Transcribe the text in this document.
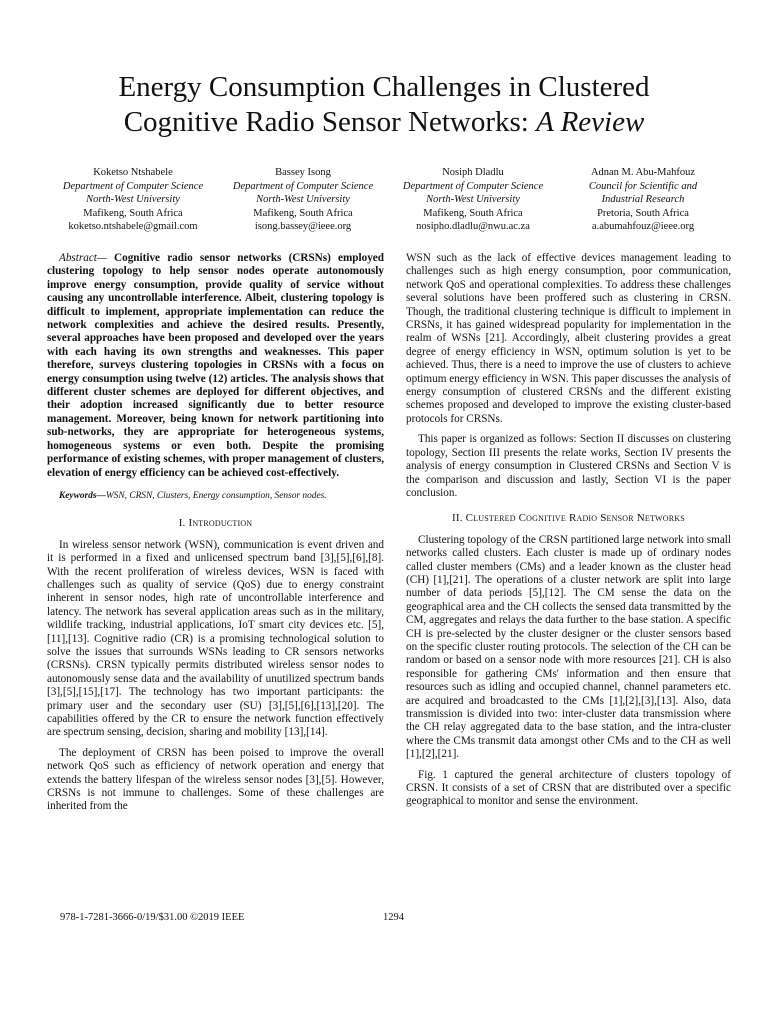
Energy Consumption Challenges in Clustered
Cognitive Radio Sensor Networks: A Review
Koketso Ntshabele
Department of Computer Science
North-West University
Mafikeng, South Africa
koketso.ntshabele@gmail.com
Bassey Isong
Department of Computer Science
North-West University
Mafikeng, South Africa
isong.bassey@ieee.org
Nosiph Dladlu
Department of Computer Science
North-West University
Mafikeng, South Africa
nosipho.dladlu@nwu.ac.za
Adnan M. Abu-Mahfouz
Council for Scientific and
Industrial Research
Pretoria, South Africa
a.abumahfouz@ieee.org

Abstract— Cognitive radio sensor networks (CRSNs) employed clustering topology to help sensor nodes operate autonomously improve energy consumption, provide quality of service without causing any uncontrollable interference. Albeit, clustering topology is difficult to implement, appropriate implementation can reduce the network complexities and achieve the desired results. Presently, several approaches have been proposed and developed over the years with each having its own strengths and weaknesses. This paper therefore, surveys clustering topologies in CRSNs with a focus on energy consumption using twelve (12) articles. The analysis shows that different cluster schemes are deployed for different objectives, and their adoption increased significantly due to better resource management. Moreover, being known for network partitioning into sub-networks, they are appropriate for heterogeneous systems, homogeneous systems or even both. Despite the promising performance of existing schemes, with proper management of clusters, elevation of energy efficiency can be achieved cost-effectively.

Keywords—WSN, CRSN, Clusters, Energy consumption, Sensor nodes.

I. Introduction

In wireless sensor network (WSN), communication is event driven and it is performed in a fixed and unlicensed spectrum band [3],[5],[6],[8]. With the recent proliferation of wireless devices, WSN is faced with challenges such as quality of service (QoS) due to energy constraint inherent in sensor nodes, high rate of uncontrollable interference and latency. The network has several application areas such as in the military, wildlife tracking, industrial applications, IoT smart city devices etc. [5],[11],[13]. Cognitive radio (CR) is a promising technological solution to solve the issues that surrounds WSNs leading to CR sensors networks (CRSNs). CRSN typically permits distributed wireless sensor nodes to autonomously sense data and the availability of unutilized spectrum bands [3],[5],[15],[17]. The technology has two important participants: the primary user and the secondary user (SU) [3],[5],[6],[13],[20]. The capabilities offered by the CR to ensure the network function effectively are spectrum sensing, decision, sharing and mobility [13],[14].

The deployment of CRSN has been poised to improve the overall network QoS such as efficiency of network operation and energy that extends the battery lifespan of the wireless sensor nodes [3],[5]. However, CRSNs is not immune to challenges. Some of these challenges are inherited from the

WSN such as the lack of effective devices management leading to challenges such as high energy consumption, poor communication, network QoS and operational complexities. To address these challenges several solutions have been proffered such as clustering in CRSN. Though, the traditional clustering technique is difficult to implement in CRSNs, it has gained widespread popularity for implementation in the realm of WSNs [21]. Accordingly, albeit clustering provides a great degree of energy efficiency in WSN, optimum solution is yet to be achieved. Thus, there is a need to improve the use of clusters to achieve optimum energy efficiency in WSN. This paper discusses the analysis of energy consumption of clustered CRSNs and the different existing schemes proposed and developed to improve the existing cluster-based protocols for CRSNs.

This paper is organized as follows: Section II discusses on clustering topology, Section III presents the relate works, Section IV presents the analysis of energy consumption in Clustered CRSNs and Section V is the comparison and discussion and lastly, Section VI is the paper conclusion.

II. Clustered Cognitive Radio Sensor Networks

Clustering topology of the CRSN partitioned large network into small networks called clusters. Each cluster is made up of ordinary nodes called cluster members (CMs) and a leader known as the cluster head (CH) [1],[21]. The operations of a cluster network are split into large number of data periods [5],[12]. The CM sense the data on the geographical area and the CH collects the sensed data transmitted by the CM, aggregates and relays the data further to the base station. A specific CH is pre-selected by the cluster designer or the cluster sensors based on the specific cluster routing protocols. The selection of the CH can be random or based on a sensor node with more resources [21]. CH is also responsible for gathering CMs' information and then ensure that resources such as idling and occupied channel, channel parameters etc. are acquired and broadcasted to the CMs [1],[2],[3],[13]. Also, data transmission is divided into two: inter-cluster data transmission where the CH relay aggregated data to the base station, and the intra-cluster where the CMs transmit data amongst other CMs and to the CH as well [1],[2],[21].

Fig. 1 captured the general architecture of clusters topology of CRSN. It consists of a set of CRSN that are distributed over a specific geographical to monitor and sense the environment.

978-1-7281-3666-0/19/$31.00 ©2019 IEEE	1294
